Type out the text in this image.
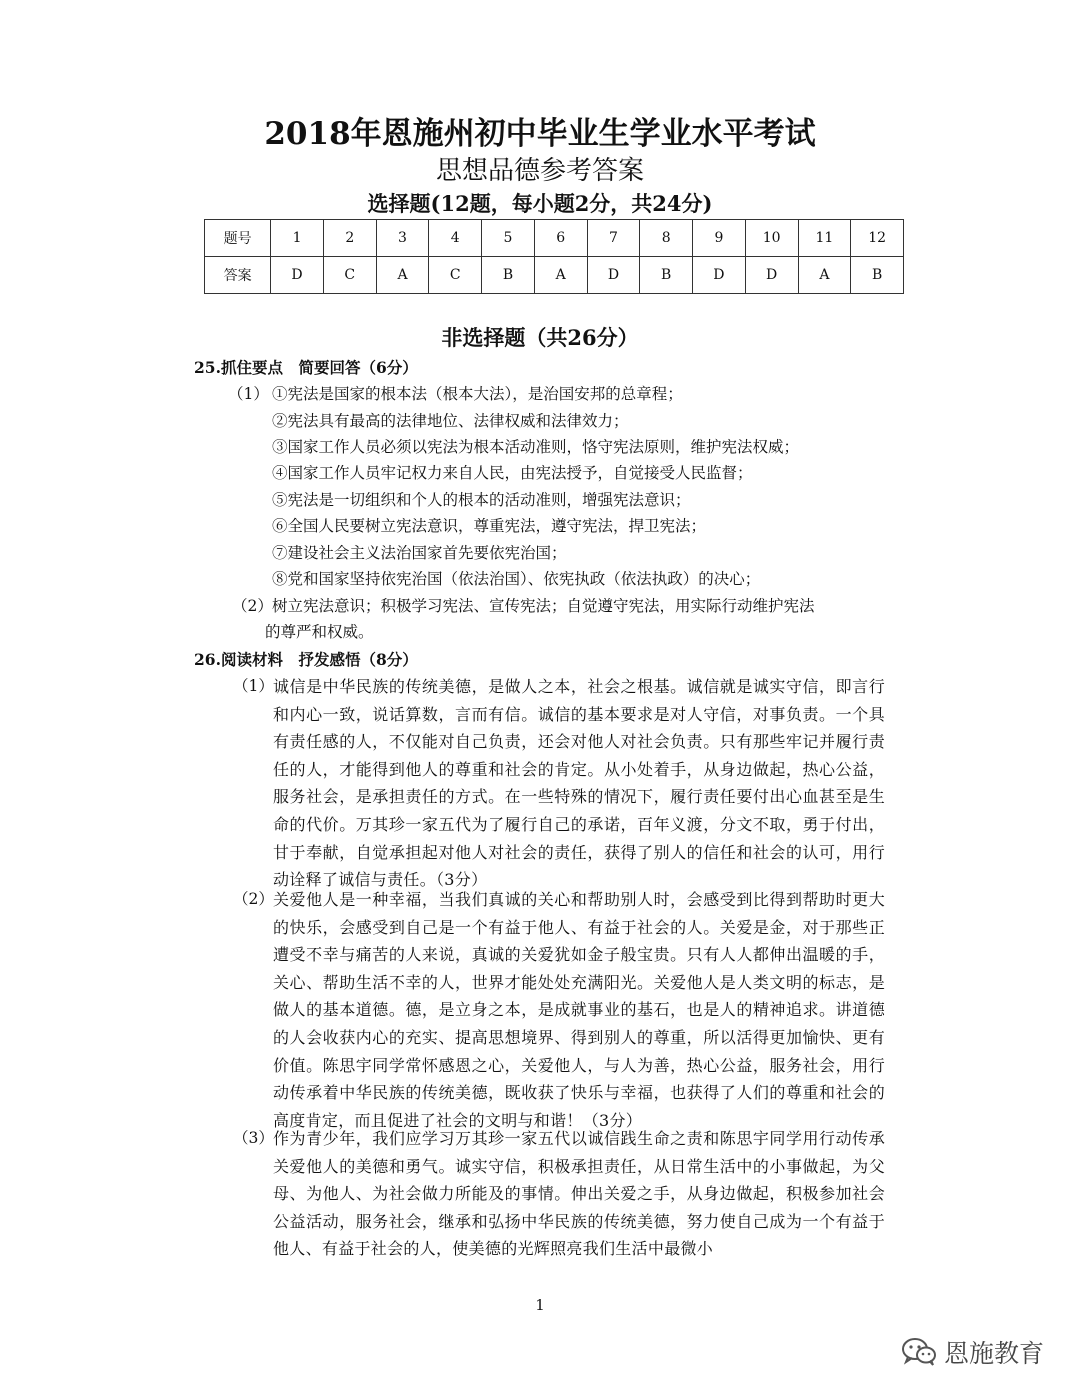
2018年恩施州初中毕业生学业水平考试
思想品德参考答案
选择题(12题，每小题2分，共24分)
题号	1	2	3	4	5	6	7	8	9	10	11	12
答案	D	C	A	C	B	A	D	B	D	D	A	B
非选择题（共26分）
25.抓住要点　简要回答（6分）
（1） ①宪法是国家的根本法（根本大法），是治国安邦的总章程；
②宪法具有最高的法律地位、法律权威和法律效力；
③国家工作人员必须以宪法为根本活动准则，恪守宪法原则，维护宪法权威；
④国家工作人员牢记权力来自人民，由宪法授予，自觉接受人民监督；
⑤宪法是一切组织和个人的根本的活动准则，增强宪法意识；
⑥全国人民要树立宪法意识，尊重宪法，遵守宪法，捍卫宪法；
⑦建设社会主义法治国家首先要依宪治国；
⑧党和国家坚持依宪治国（依法治国）、依宪执政（依法执政）的决心；
（2） 树立宪法意识；积极学习宪法、宣传宪法；自觉遵守宪法，用实际行动维护宪法
的尊严和权威。
26.阅读材料　抒发感悟（8分）
（1） 诚信是中华民族的传统美德，是做人之本，社会之根基。诚信就是诚实守信，即言行和内心一致，说话算数，言而有信。诚信的基本要求是对人守信，对事负责。一个具有责任感的人，不仅能对自己负责，还会对他人对社会负责。只有那些牢记并履行责任的人，才能得到他人的尊重和社会的肯定。从小处着手，从身边做起，热心公益，服务社会，是承担责任的方式。在一些特殊的情况下，履行责任要付出心血甚至是生命的代价。万其珍一家五代为了履行自己的承诺，百年义渡，分文不取，勇于付出，甘于奉献，自觉承担起对他人对社会的责任，获得了别人的信任和社会的认可，用行动诠释了诚信与责任。（3分）
（2） 关爱他人是一种幸福，当我们真诚的关心和帮助别人时，会感受到比得到帮助时更大的快乐，会感受到自己是一个有益于他人、有益于社会的人。关爱是金，对于那些正遭受不幸与痛苦的人来说，真诚的关爱犹如金子般宝贵。只有人人都伸出温暖的手，关心、帮助生活不幸的人，世界才能处处充满阳光。关爱他人是人类文明的标志，是做人的基本道德。德，是立身之本，是成就事业的基石，也是人的精神追求。讲道德的人会收获内心的充实、提高思想境界、得到别人的尊重，所以活得更加愉快、更有价值。陈思宇同学常怀感恩之心，关爱他人，与人为善，热心公益，服务社会，用行动传承着中华民族的传统美德，既收获了快乐与幸福，也获得了人们的尊重和社会的高度肯定，而且促进了社会的文明与和谐！（3分）
（3） 作为青少年，我们应学习万其珍一家五代以诚信践生命之责和陈思宇同学用行动传承关爱他人的美德和勇气。诚实守信，积极承担责任，从日常生活中的小事做起，为父母、为他人、为社会做力所能及的事情。伸出关爱之手，从身边做起，积极参加社会公益活动，服务社会，继承和弘扬中华民族的传统美德，努力使自己成为一个有益于他人、有益于社会的人，使美德的光辉照亮我们生活中最微小
1
恩施教育
